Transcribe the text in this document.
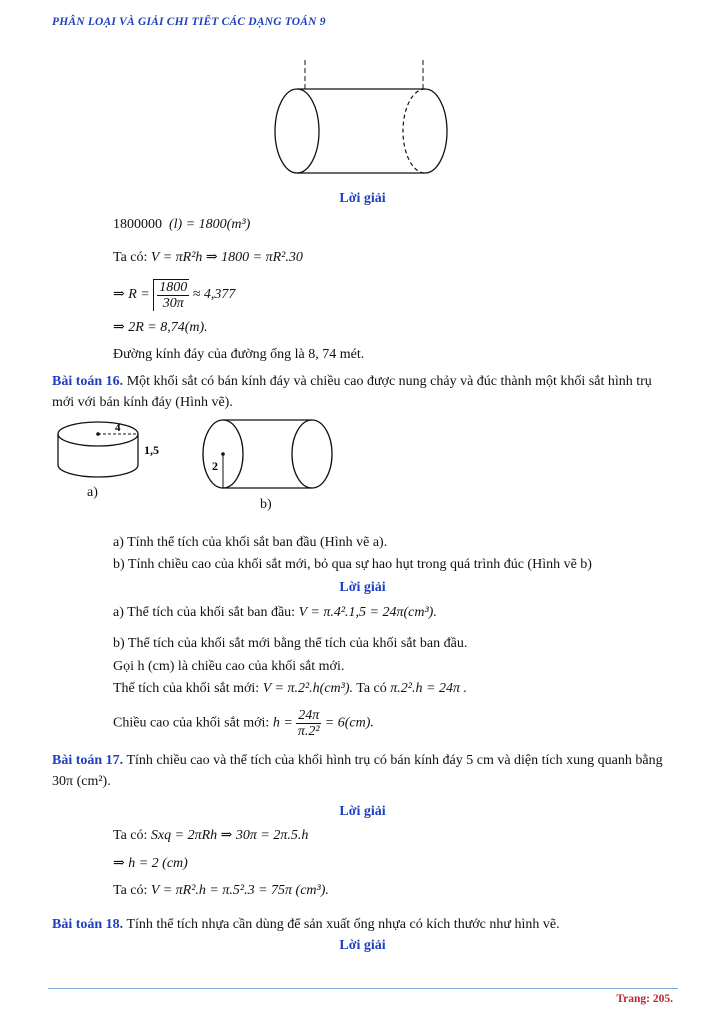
PHÂN LOẠI VÀ GIẢI CHI TIẾT CÁC DẠNG TOÁN 9
Lời giải
1800000 (l) = 1800(m³)
Ta có: V = πR²h ⇒ 1800 = πR².30
⇒ $R = \frac{1800}{30\pi} \approx 4,377$
⇒ 2R = 8,74(m).
Đường kính đáy của đường ống là 8, 74 mét.
Bài toán 16. Một khối sắt có bán kính đáy và chiều cao được nung chảy và đúc thành một khối sắt hình trụ mới với bán kính đáy (Hình vẽ).
4
1,5
a)
2
b)
a) Tính thể tích của khối sắt ban đầu (Hình vẽ a).
b) Tính chiều cao của khối sắt mới, bỏ qua sự hao hụt trong quá trình đúc (Hình vẽ b)
Lời giải
a) Thể tích của khối sắt ban đầu: V = π.4².1,5 = 24π(cm³).
b) Thể tích của khối sắt mới bằng thể tích của khối sắt ban đầu.
Gọi h (cm) là chiều cao của khối sắt mới.
Thể tích của khối sắt mới: V = π.2².h(cm³). Ta có π.2².h = 24π .
Chiều cao của khối sắt mới: $h = \frac{24\pi}{\text{π.2²}} = 6(cm)$.
Bài toán 17. Tính chiều cao và thể tích của khối hình trụ có bán kính đáy 5 cm và diện tích xung quanh bằng 30π (cm²).
Lời giải
Ta có: Sxq = 2πRh ⇒ 30π = 2π.5.h
⇒ h = 2 (cm)
Ta có: V = πR².h = π.5².3 = 75π (cm³).
Bài toán 18. Tính thể tích nhựa cần dùng để sản xuất ống nhựa có kích thước như hình vẽ.
Lời giải
Trang: 205.
